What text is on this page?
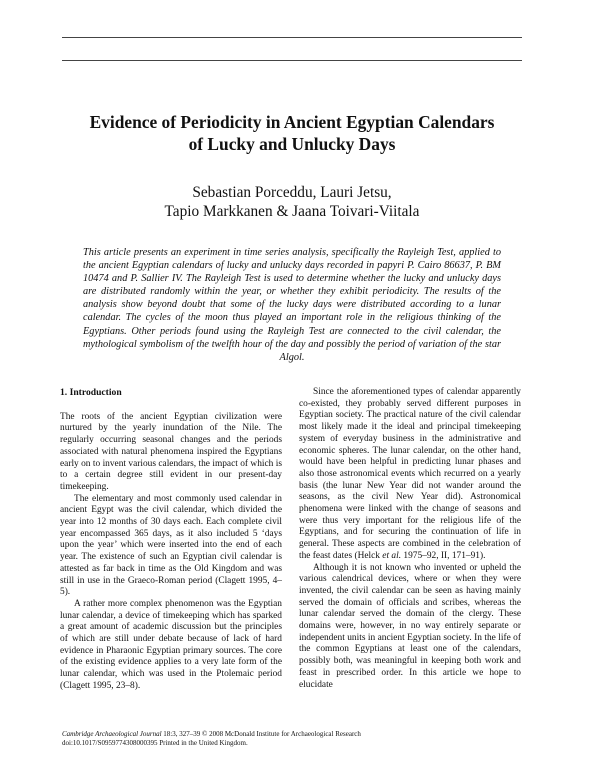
Evidence of Periodicity in Ancient Egyptian Calendars
of Lucky and Unlucky Days
Sebastian Porceddu, Lauri Jetsu,
Tapio Markkanen & Jaana Toivari-Viitala

This article presents an experiment in time series analysis, specifically the Rayleigh Test, applied to the ancient Egyptian calendars of lucky and unlucky days recorded in papyri P. Cairo 86637, P. BM 10474 and P. Sallier IV. The Rayleigh Test is used to determine whether the lucky and unlucky days are distributed randomly within the year, or whether they exhibit periodicity. The results of the analysis show beyond doubt that some of the lucky days were distributed according to a lunar calendar. The cycles of the moon thus played an important role in the religious thinking of the Egyptians. Other periods found using the Rayleigh Test are connected to the civil calendar, the mythological symbolism of the twelfth hour of the day and possibly the period of variation of the star Algol.

1. Introduction

The roots of the ancient Egyptian civilization were nurtured by the yearly inundation of the Nile. The regularly occurring seasonal changes and the periods associated with natural phenomena inspired the Egyptians early on to invent various calendars, the impact of which is to a certain degree still evident in our present-day timekeeping.

The elementary and most commonly used calendar in ancient Egypt was the civil calendar, which divided the year into 12 months of 30 days each. Each complete civil year encompassed 365 days, as it also included 5 ‘days upon the year’ which were inserted into the end of each year. The existence of such an Egyptian civil calendar is attested as far back in time as the Old Kingdom and was still in use in the Graeco-Roman period (Clagett 1995, 4–5).

A rather more complex phenomenon was the Egyptian lunar calendar, a device of timekeeping which has sparked a great amount of academic discussion but the principles of which are still under debate because of lack of hard evidence in Pharaonic Egyptian primary sources. The core of the existing evidence applies to a very late form of the lunar calendar, which was used in the Ptolemaic period (Clagett 1995, 23–8).

Since the aforementioned types of calendar apparently co-existed, they probably served different purposes in Egyptian society. The practical nature of the civil calendar most likely made it the ideal and principal timekeeping system of everyday business in the administrative and economic spheres. The lunar calendar, on the other hand, would have been helpful in predicting lunar phases and also those astronomical events which recurred on a yearly basis (the lunar New Year did not wander around the seasons, as the civil New Year did). Astronomical phenomena were linked with the change of seasons and were thus very important for the religious life of the Egyptians, and for securing the continuation of life in general. These aspects are combined in the celebration of the feast dates (Helck et al. 1975–92, II, 171–91).

Although it is not known who invented or upheld the various calendrical devices, where or when they were invented, the civil calendar can be seen as having mainly served the domain of officials and scribes, whereas the lunar calendar served the domain of the clergy. These domains were, however, in no way entirely separate or independent units in ancient Egyptian society. In the life of the common Egyptians at least one of the calendars, possibly both, was meaningful in keeping both work and feast in prescribed order. In this article we hope to elucidate

Cambridge Archaeological Journal 18:3, 327–39 © 2008 McDonald Institute for Archaeological Research
doi:10.1017/S0959774308000395 Printed in the United Kingdom.
